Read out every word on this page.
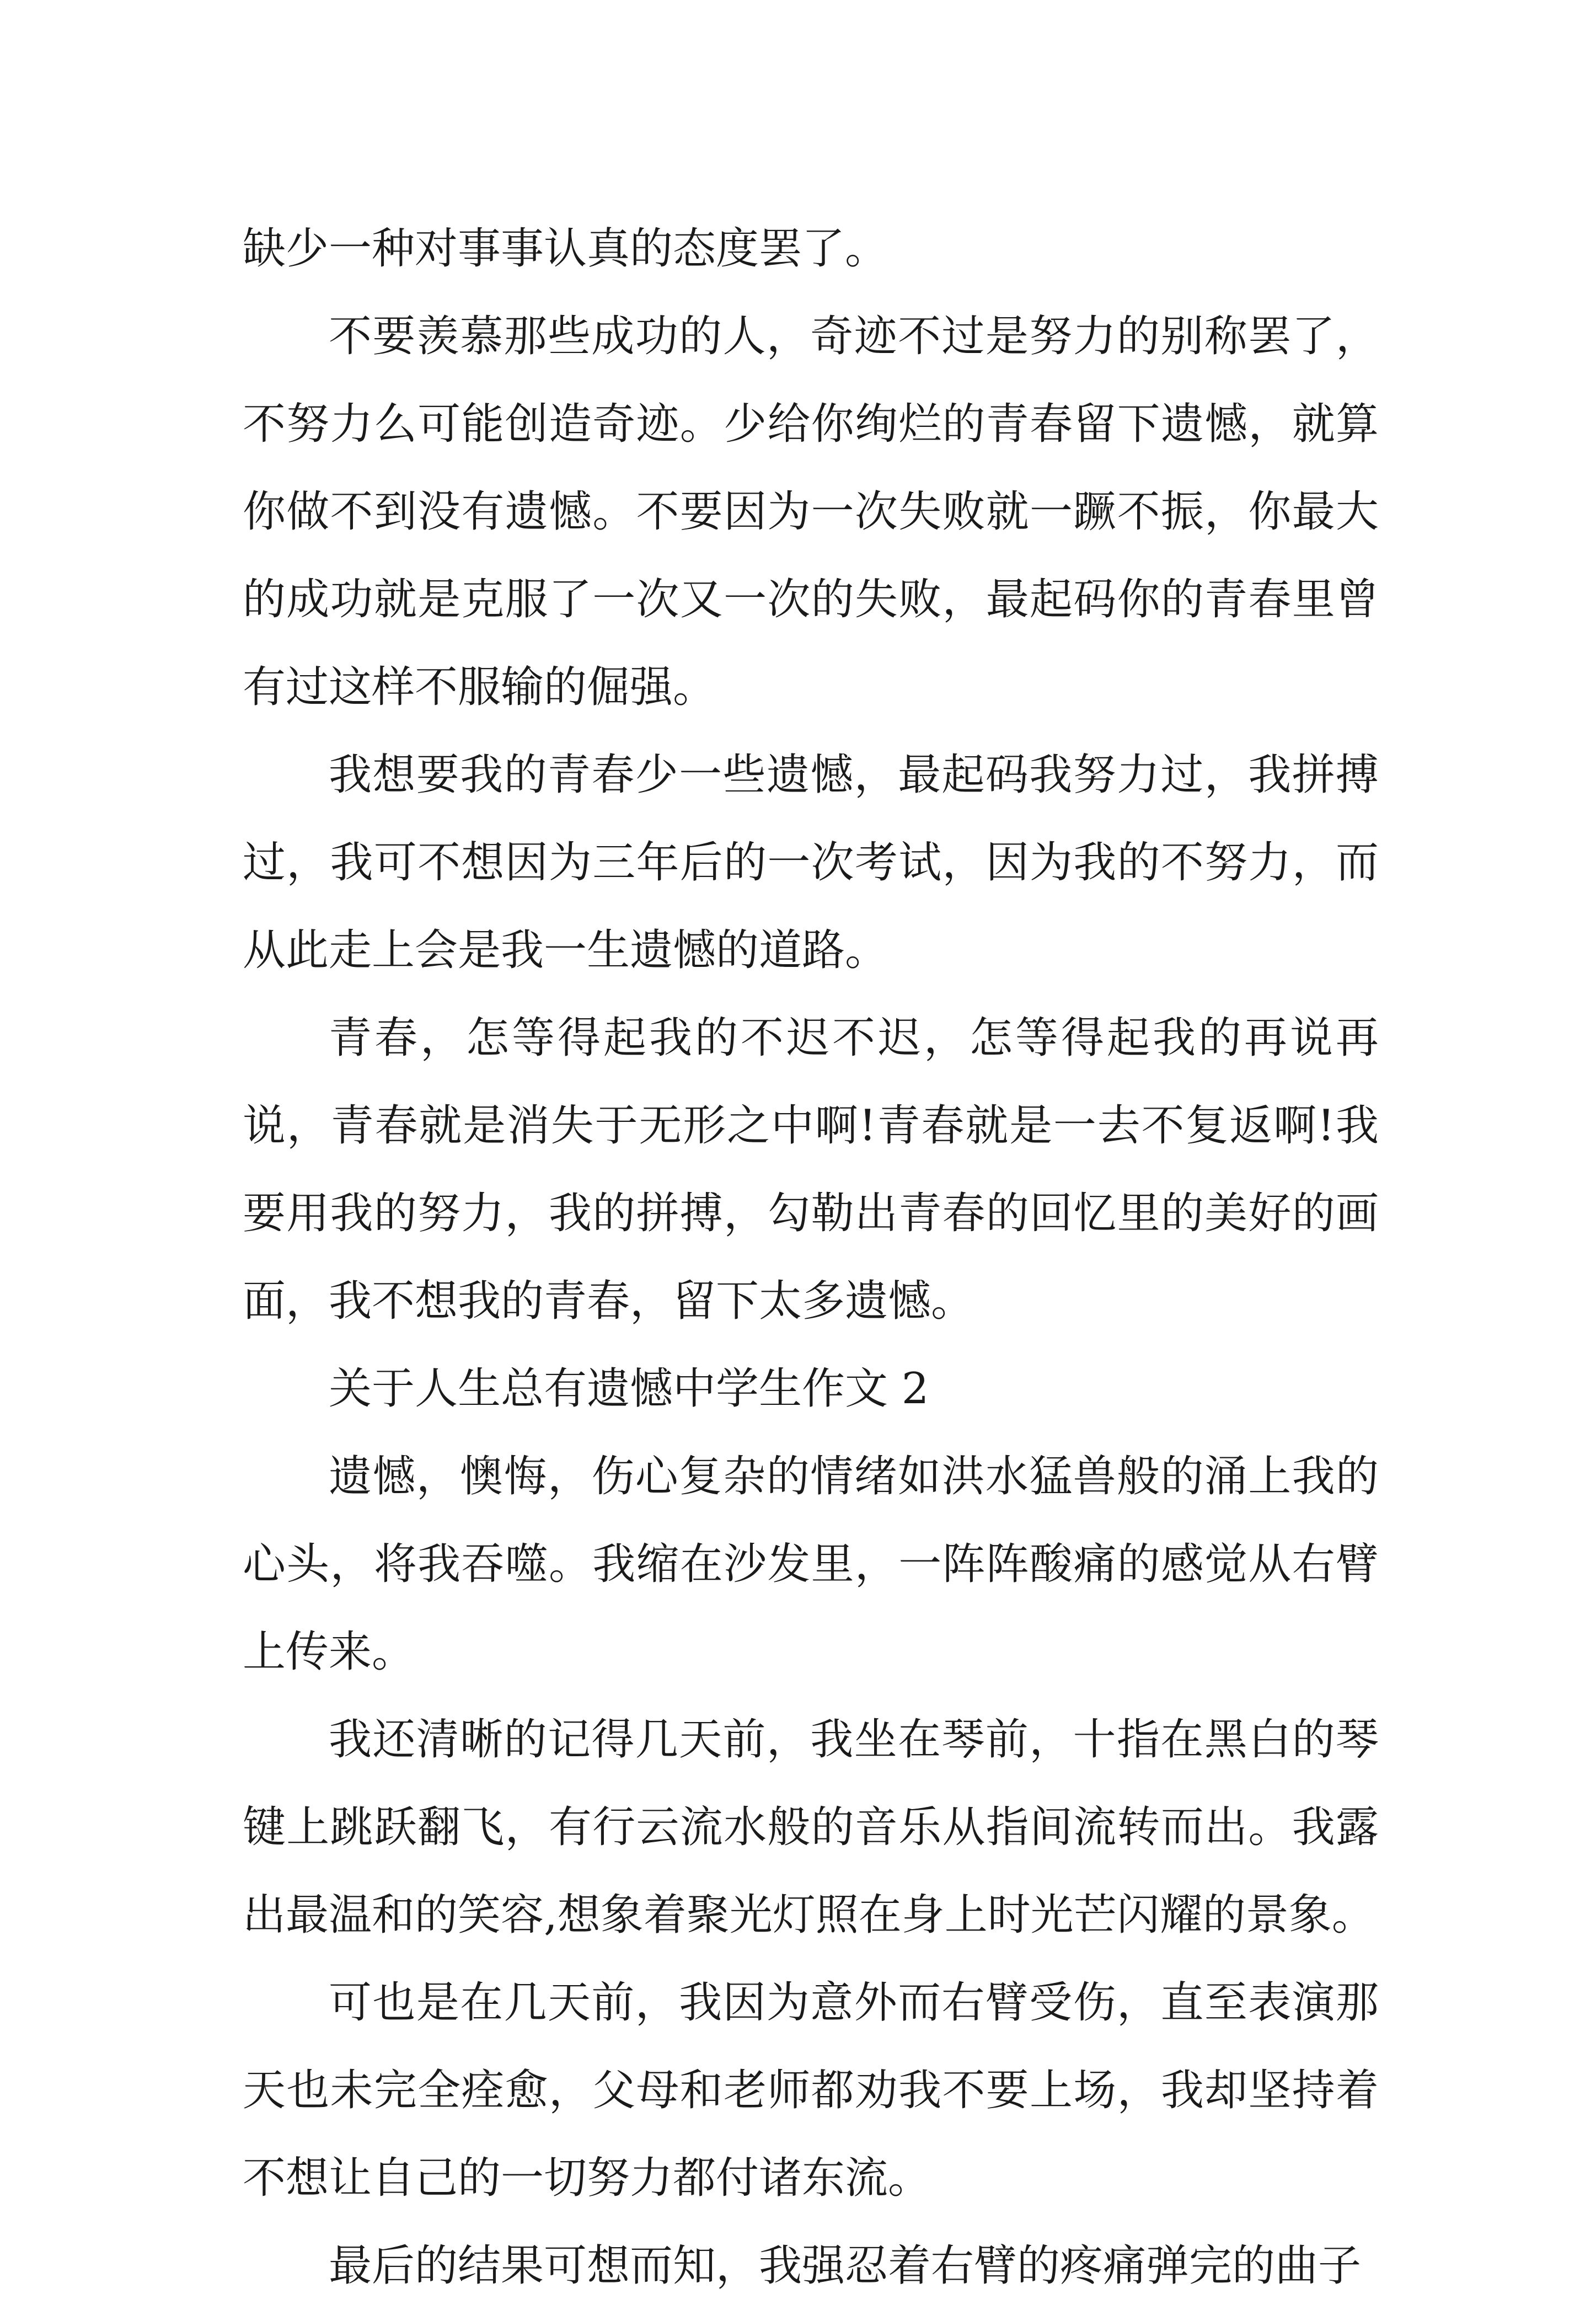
缺少一种对事事认真的态度罢了。

不要羡慕那些成功的人，奇迹不过是努力的别称罢了，不努力么可能创造奇迹。少给你绚烂的青春留下遗憾，就算你做不到没有遗憾。不要因为一次失败就一蹶不振，你最大的成功就是克服了一次又一次的失败，最起码你的青春里曾有过这样不服输的倔强。

我想要我的青春少一些遗憾，最起码我努力过，我拼搏过，我可不想因为三年后的一次考试，因为我的不努力，而从此走上会是我一生遗憾的道路。

青春，怎等得起我的不迟不迟，怎等得起我的再说再说，青春就是消失于无形之中啊!青春就是一去不复返啊!我要用我的努力，我的拼搏，勾勒出青春的回忆里的美好的画面，我不想我的青春，留下太多遗憾。

关于人生总有遗憾中学生作文 2

遗憾，懊悔，伤心复杂的情绪如洪水猛兽般的涌上我的心头，将我吞噬。我缩在沙发里，一阵阵酸痛的感觉从右臂上传来。

我还清晰的记得几天前，我坐在琴前，十指在黑白的琴键上跳跃翻飞，有行云流水般的音乐从指间流转而出。我露出最温和的笑容,想象着聚光灯照在身上时光芒闪耀的景象。

可也是在几天前，我因为意外而右臂受伤，直至表演那天也未完全痊愈，父母和老师都劝我不要上场，我却坚持着不想让自己的一切努力都付诸东流。

最后的结果可想而知，我强忍着右臂的疼痛弹完的曲子
